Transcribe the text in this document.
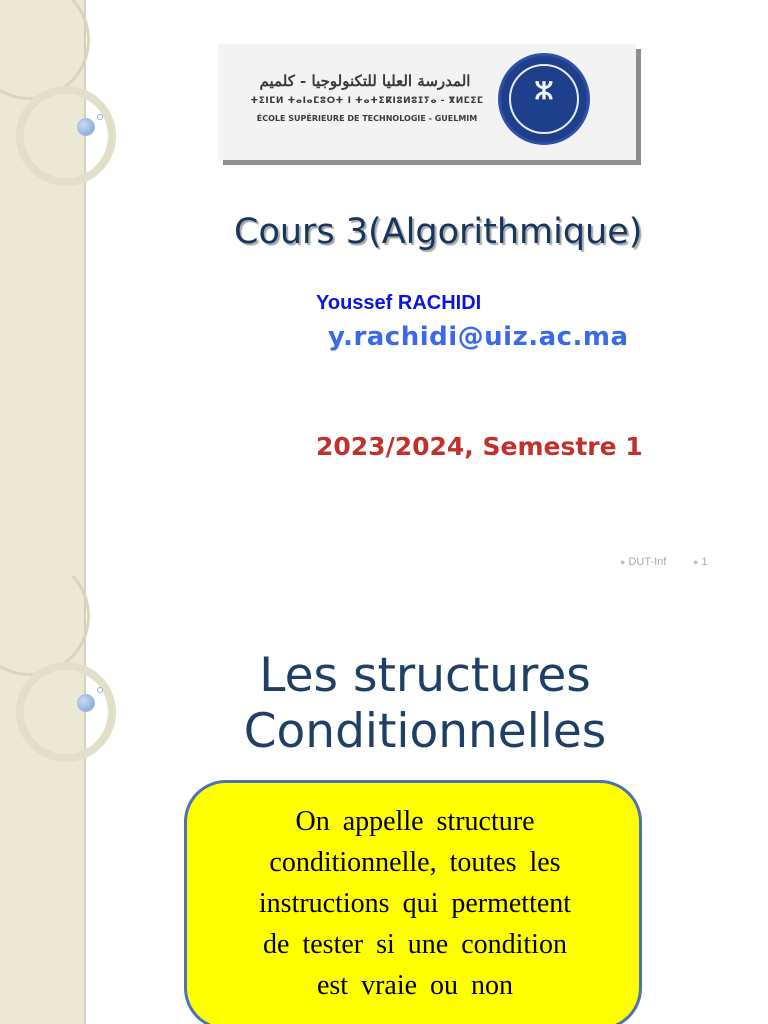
المدرسة العليا للتكنولوجيا - كلميم
ⵜⵉⵏⵎⵍ ⵜⴰⵏⴰⵎⵓⵔⵜ ⵏ ⵜⴰⵜⵉⴽⵏⵓⵍⵓⵊⵢⴰ - ⴳⵍⵎⵉⵎ
ÉCOLE SUPÉRIEURE DE TECHNOLOGIE - GUELMIM
ⵣ
Cours 3(Algorithmique)
Youssef RACHIDI
y.rachidi@uiz.ac.ma
2023/2024, Semestre 1
● DUT-Inf	● 1
Les structures
Conditionnelles
On appelle structure
conditionnelle, toutes les
instructions qui permettent
de tester si une condition
est vraie ou non
